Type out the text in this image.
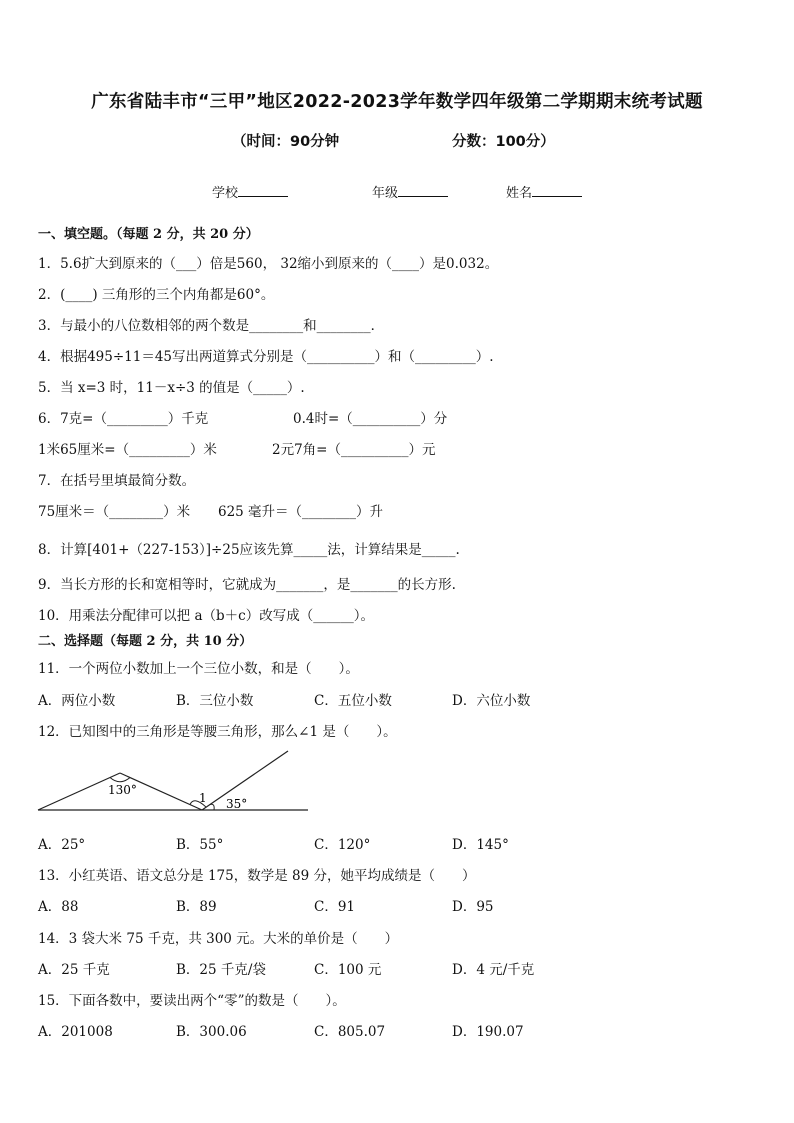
广东省陆丰市“三甲”地区2022-2023学年数学四年级第二学期期末统考试题
（时间：90分钟	分数：100分）
学校	年级	姓名
一、填空题。（每题 2 分，共 20 分）
1．5.6扩大到原来的（___）倍是560， 32缩小到原来的（____）是0.032。
2．(____) 三角形的三个内角都是60°。
3．与最小的八位数相邻的两个数是________和________．
4．根据495÷11＝45写出两道算式分别是（__________）和（_________）.
5．当 x=3 时，11－x÷3 的值是（_____）.
6．7克=（_________）千克	0.4时=（__________）分
1米65厘米=（_________）米	2元7角=（__________）元
7．在括号里填最简分数。
75厘米＝（________）米 625 毫升＝（________）升
8．计算[401+（227-153）]÷25应该先算_____法，计算结果是_____.
9．当长方形的长和宽相等时，它就成为_______，是_______的长方形.
10．用乘法分配律可以把 a（b＋c）改写成（______）。
二、选择题（每题 2 分，共 10 分）
11．一个两位小数加上一个三位小数，和是（　　）。
A．两位小数	B．三位小数	C．五位小数	D．六位小数
12．已知图中的三角形是等腰三角形，那么∠1 是（　　）。
130°
1 35°
A．25°	B．55°	C．120°	D．145°
13．小红英语、语文总分是 175，数学是 89 分，她平均成绩是（　　）
A．88	B．89	C．91	D．95
14．3 袋大米 75 千克，共 300 元。大米的单价是（　　）
A．25 千克	B．25 千克/袋	C．100 元	D．4 元/千克
15．下面各数中，要读出两个“零”的数是（　　）。
A．201008	B．300.06	C．805.07	D．190.07
